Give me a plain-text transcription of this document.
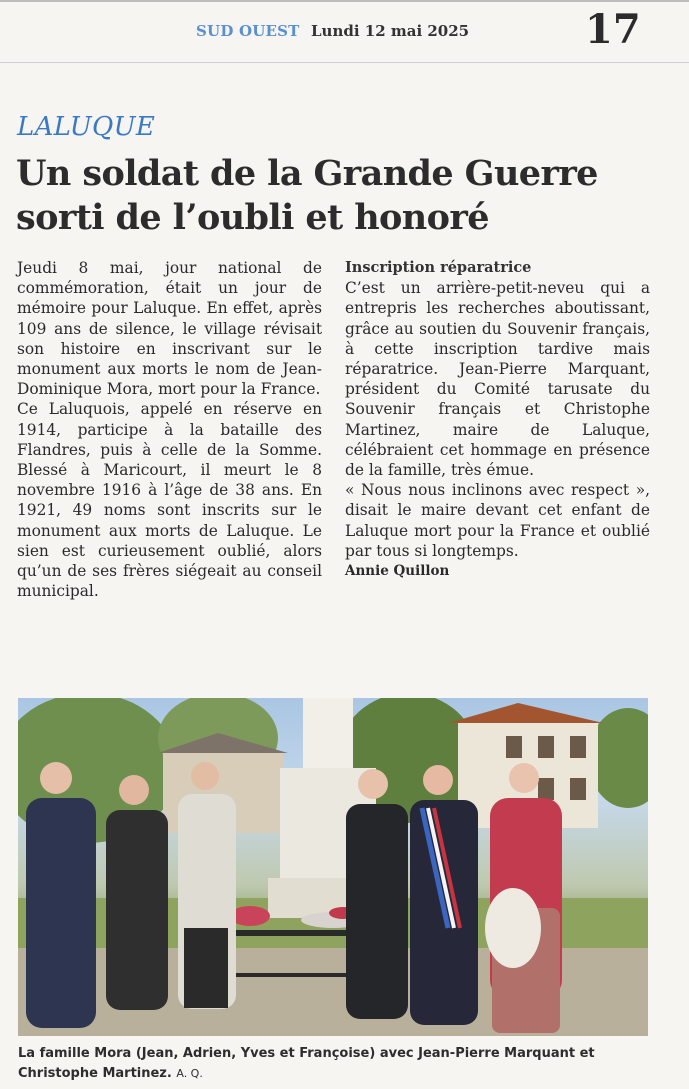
SUD OUEST Lundi 12 mai 2025	17
LALUQUE
Un soldat de la Grande Guerre
sorti de l’oubli et honoré

Jeudi 8 mai, jour national de commémoration, était un jour de mémoire pour Laluque. En effet, après 109 ans de silence, le village révisait son histoire en inscrivant sur le monument aux morts le nom de Jean-Dominique Mora, mort pour la France.

Ce Laluquois, appelé en réserve en 1914, participe à la bataille des Flandres, puis à celle de la Somme. Blessé à Maricourt, il meurt le 8 novembre 1916 à l’âge de 38 ans. En 1921, 49 noms sont inscrits sur le monument aux morts de Laluque. Le sien est curieusement oublié, alors qu’un de ses frères siégeait au conseil municipal.

Inscription réparatrice

C’est un arrière-petit-neveu qui a entrepris les recherches aboutissant, grâce au soutien du Souvenir français, à cette inscription tardive mais réparatrice. Jean-Pierre Marquant, président du Comité tarusate du Souvenir français et Christophe Martinez, maire de Laluque, célébraient cet hommage en présence de la famille, très émue.

« Nous nous inclinons avec respect », disait le maire devant cet enfant de Laluque mort pour la France et oublié par tous si longtemps.

Annie Quillon

La famille Mora (Jean, Adrien, Yves et Françoise) avec Jean-Pierre Marquant et Christophe Martinez. A. Q.
